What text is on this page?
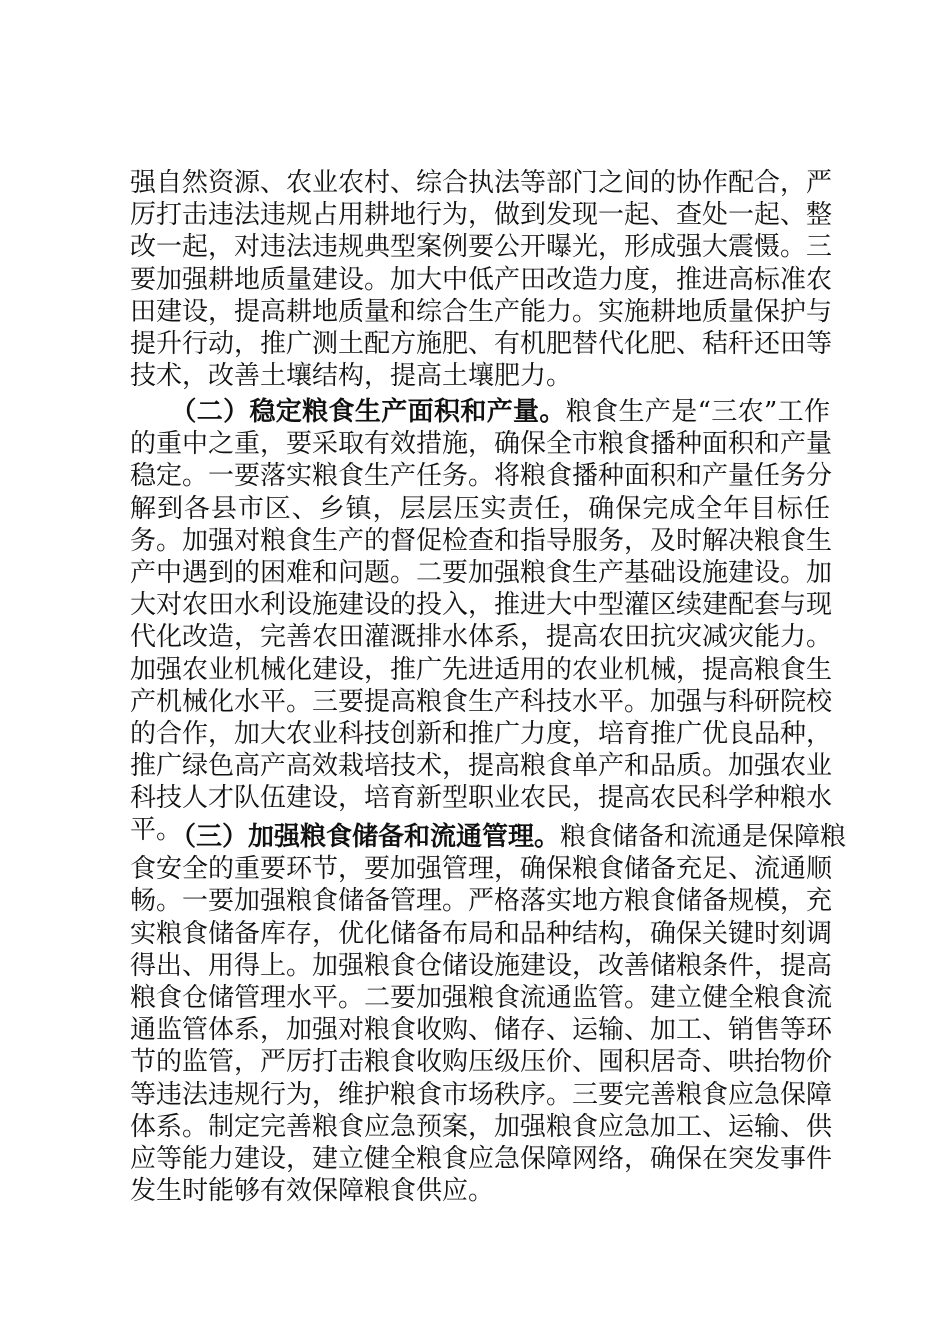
强自然资源、农业农村、综合执法等部门之间的协作配合，严
厉打击违法违规占用耕地行为，做到发现一起、查处一起、整
改一起，对违法违规典型案例要公开曝光，形成强大震慑。三
要加强耕地质量建设。加大中低产田改造力度，推进高标准农
田建设，提高耕地质量和综合生产能力。实施耕地质量保护与
提升行动，推广测土配方施肥、有机肥替代化肥、秸秆还田等
技术，改善土壤结构，提高土壤肥力。
（二）稳定粮食生产面积和产量。粮食生产是“三农”工作
的重中之重，要采取有效措施，确保全市粮食播种面积和产量
稳定。一要落实粮食生产任务。将粮食播种面积和产量任务分
解到各县市区、乡镇，层层压实责任，确保完成全年目标任
务。加强对粮食生产的督促检查和指导服务，及时解决粮食生
产中遇到的困难和问题。二要加强粮食生产基础设施建设。加
大对农田水利设施建设的投入，推进大中型灌区续建配套与现
代化改造，完善农田灌溉排水体系，提高农田抗灾减灾能力。
加强农业机械化建设，推广先进适用的农业机械，提高粮食生
产机械化水平。三要提高粮食生产科技水平。加强与科研院校
的合作，加大农业科技创新和推广力度，培育推广优良品种，
推广绿色高产高效栽培技术，提高粮食单产和品质。加强农业
科技人才队伍建设，培育新型职业农民，提高农民科学种粮水
平。
（三）加强粮食储备和流通管理。粮食储备和流通是保障粮
食安全的重要环节，要加强管理，确保粮食储备充足、流通顺
畅。一要加强粮食储备管理。严格落实地方粮食储备规模，充
实粮食储备库存，优化储备布局和品种结构，确保关键时刻调
得出、用得上。加强粮食仓储设施建设，改善储粮条件，提高
粮食仓储管理水平。二要加强粮食流通监管。建立健全粮食流
通监管体系，加强对粮食收购、储存、运输、加工、销售等环
节的监管，严厉打击粮食收购压级压价、囤积居奇、哄抬物价
等违法违规行为，维护粮食市场秩序。三要完善粮食应急保障
体系。制定完善粮食应急预案，加强粮食应急加工、运输、供
应等能力建设，建立健全粮食应急保障网络，确保在突发事件
发生时能够有效保障粮食供应。
